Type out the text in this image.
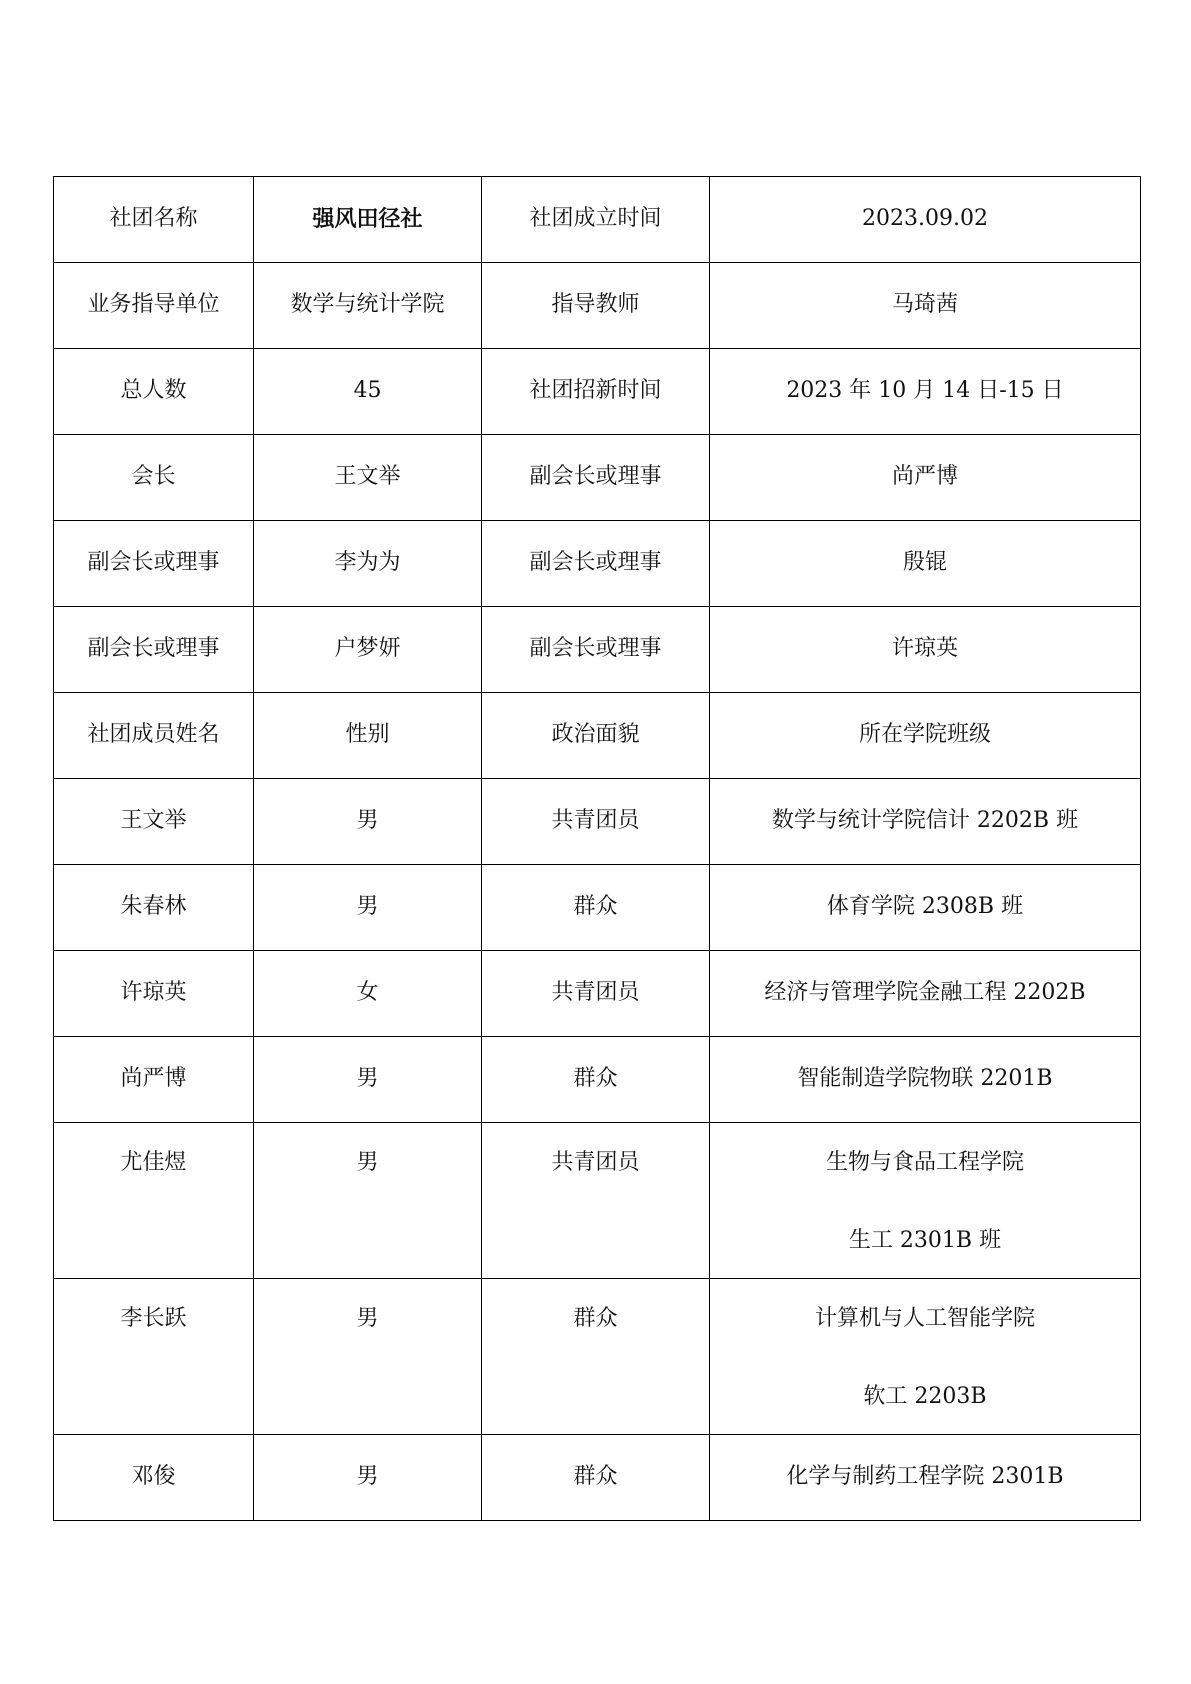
社团名称	强风田径社	社团成立时间	2023.09.02
业务指导单位	数学与统计学院	指导教师	马琦茜
总人数	45	社团招新时间	2023 年 10 月 14 日-15 日
会长	王文举	副会长或理事	尚严博
副会长或理事	李为为	副会长或理事	殷锟
副会长或理事	户梦妍	副会长或理事	许琼英
社团成员姓名	性别	政治面貌	所在学院班级
王文举	男	共青团员	数学与统计学院信计 2202B 班
朱春林	男	群众	体育学院 2308B 班
许琼英	女	共青团员	经济与管理学院金融工程 2202B
尚严博	男	群众	智能制造学院物联 2201B

尤佳煜	男	共青团员	生物与食品工程学院
生工 2301B 班

李长跃	男	群众	计算机与人工智能学院
软工 2203B

邓俊	男	群众	化学与制药工程学院 2301B
